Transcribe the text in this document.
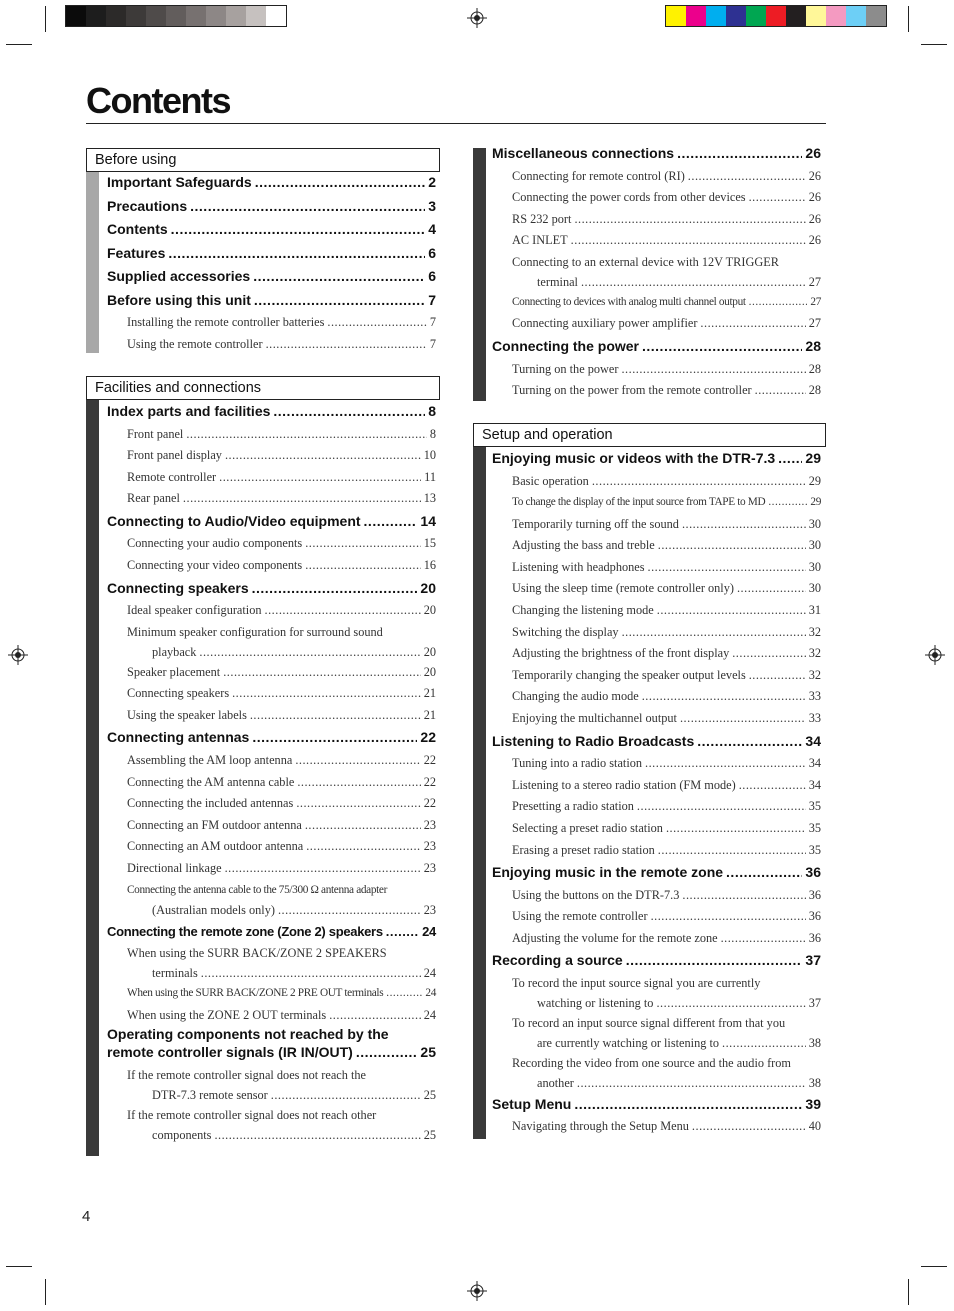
Contents
Before using
Important Safeguards .....	2
Precautions .....	3
Contents .....	4
Features .....	6
Supplied accessories .....	6
Before using this unit .....	7
Installing the remote controller batteries .....	7
Using the remote controller .....	7
Facilities and connections
Index parts and facilities .....	8
Front panel .....	8
Front panel display .....	10
Remote controller .....	11
Rear panel .....	13
Connecting to Audio/Video equipment .....	14
Connecting your audio components .....	15
Connecting your video components .....	16
Connecting speakers .....	20
Ideal speaker configuration .....	20
Minimum speaker configuration for surround sound
playback .....	20
Speaker placement .....	20
Connecting speakers .....	21
Using the speaker labels .....	21
Connecting antennas .....	22
Assembling the AM loop antenna .....	22
Connecting the AM antenna cable .....	22
Connecting the included antennas .....	22
Connecting an FM outdoor antenna .....	23
Connecting an AM outdoor antenna .....	23
Directional linkage .....	23
Connecting the antenna cable to the 75/300 Ω antenna adapter
(Australian models only) .....	23
Connecting the remote zone (Zone 2) speakers .....	24
When using the SURR BACK/ZONE 2 SPEAKERS
terminals .....	24
When using the SURR BACK/ZONE 2 PRE OUT terminals .....	24
When using the ZONE 2 OUT terminals .....	24
Operating components not reached by the
remote controller signals (IR IN/OUT) .....	25
If the remote controller signal does not reach the
DTR-7.3 remote sensor .....	25
If the remote controller signal does not reach other
components .....	25
Miscellaneous connections .....	26
Connecting for remote control (RI) .....	26
Connecting the power cords from other devices .....	26
RS 232 port .....	26
AC INLET .....	26
Connecting to an external device with 12V TRIGGER
terminal .....	27
Connecting to devices with analog multi channel output .....	27
Connecting auxiliary power amplifier .....	27
Connecting the power .....	28
Turning on the power .....	28
Turning on the power from the remote controller .....	28
Setup and operation
Enjoying music or videos with the DTR-7.3 ..... 29
Basic operation .....	29
To change the display of the input source from TAPE to MD .....	29
Temporarily turning off the sound .....	30
Adjusting the bass and treble .....	30
Listening with headphones .....	30
Using the sleep time (remote controller only) .....	30
Changing the listening mode .....	31
Switching the display .....	32
Adjusting the brightness of the front display .....	32
Temporarily changing the speaker output levels .....	32
Changing the audio mode .....	33
Enjoying the multichannel output .....	33
Listening to Radio Broadcasts .....	34
Tuning into a radio station .....	34
Listening to a stereo radio station (FM mode) .....	34
Presetting a radio station .....	35
Selecting a preset radio station .....	35
Erasing a preset radio station .....	35
Enjoying music in the remote zone .....	36
Using the buttons on the DTR-7.3 .....	36
Using the remote controller .....	36
Adjusting the volume for the remote zone .....	36
Recording a source .....	37
To record the input source signal you are currently
watching or listening to .....	37
To record an input source signal different from that you
are currently watching or listening to .....	38
Recording the video from one source and the audio from
another .....	38
Setup Menu .....	39
Navigating through the Setup Menu .....	40
4
